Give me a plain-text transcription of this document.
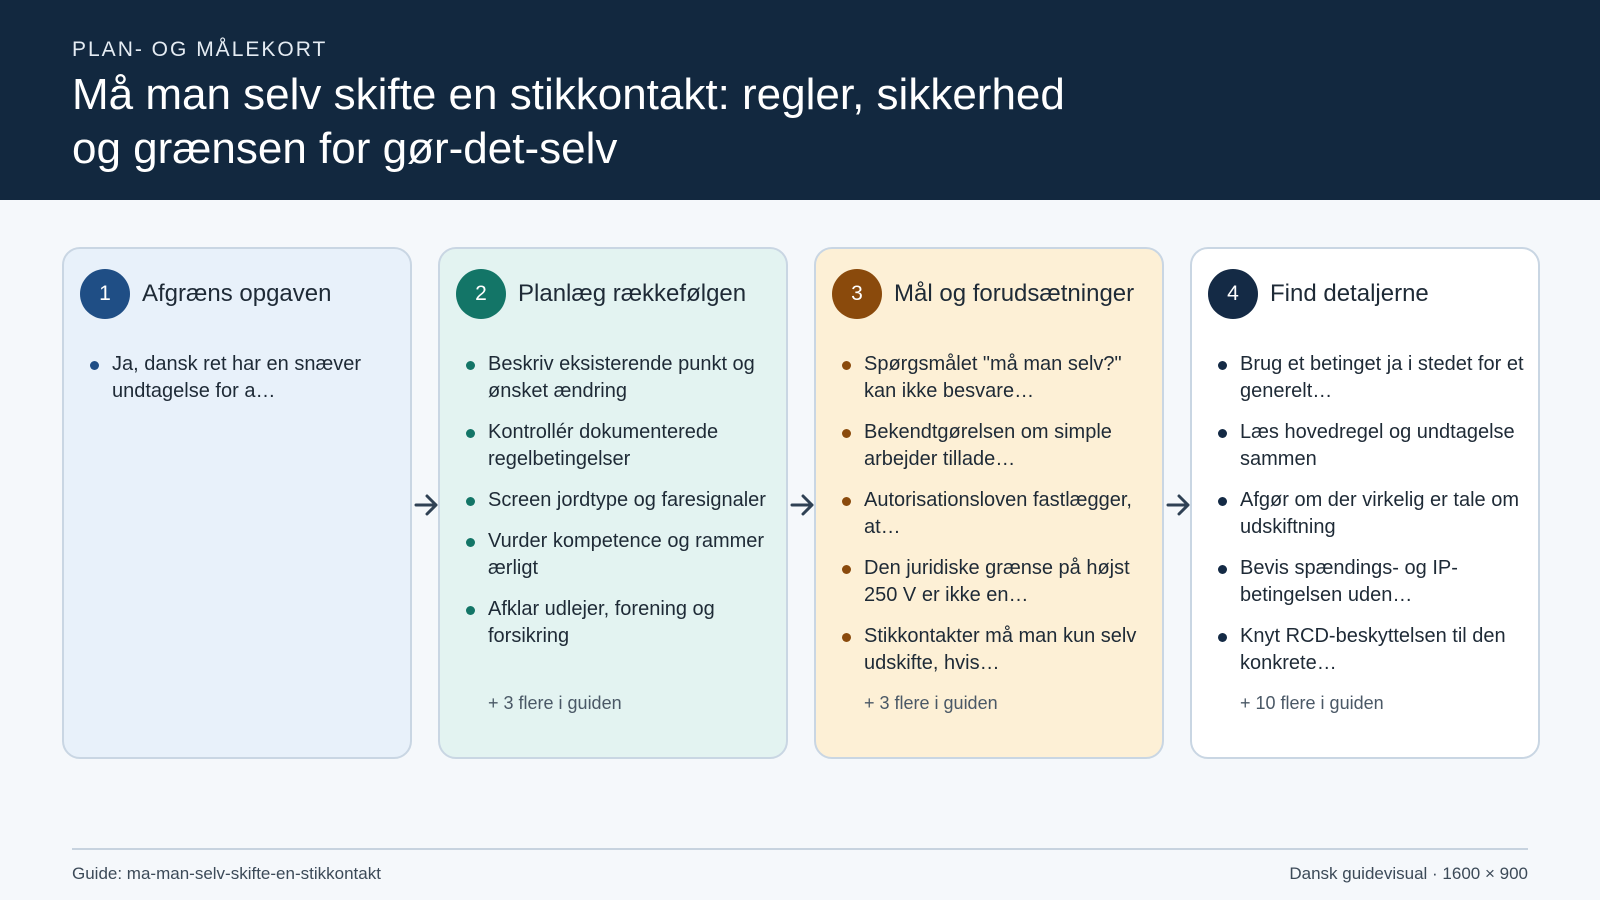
PLAN- OG MÅLEKORT
Må man selv skifte en stikkontakt: regler, sikkerhed og grænsen for gør-det-selv
1	Afgræns opgaven
Ja, dansk ret har en snæver undtagelse for a…
2	Planlæg rækkefølgen
Beskriv eksisterende punkt og ønsket ændring
Kontrollér dokumenterede regelbetingelser
Screen jordtype og faresignaler
Vurder kompetence og rammer ærligt
Afklar udlejer, forening og forsikring
+ 3 flere i guiden
3	Mål og forudsætninger
Spørgsmålet "må man selv?" kan ikke besvare…
Bekendtgørelsen om simple arbejder tillade…
Autorisationsloven fastlægger, at…
Den juridiske grænse på højst 250 V er ikke en…
Stikkontakter må man kun selv udskifte, hvis…
+ 3 flere i guiden
4	Find detaljerne
Brug et betinget ja i stedet for et generelt…
Læs hovedregel og undtagelse sammen
Afgør om der virkelig er tale om udskiftning
Bevis spændings- og IP-betingelsen uden…
Knyt RCD-beskyttelsen til den konkrete…
+ 10 flere i guiden
Guide: ma-man-selv-skifte-en-stikkontakt	Dansk guidevisual · 1600 × 900
